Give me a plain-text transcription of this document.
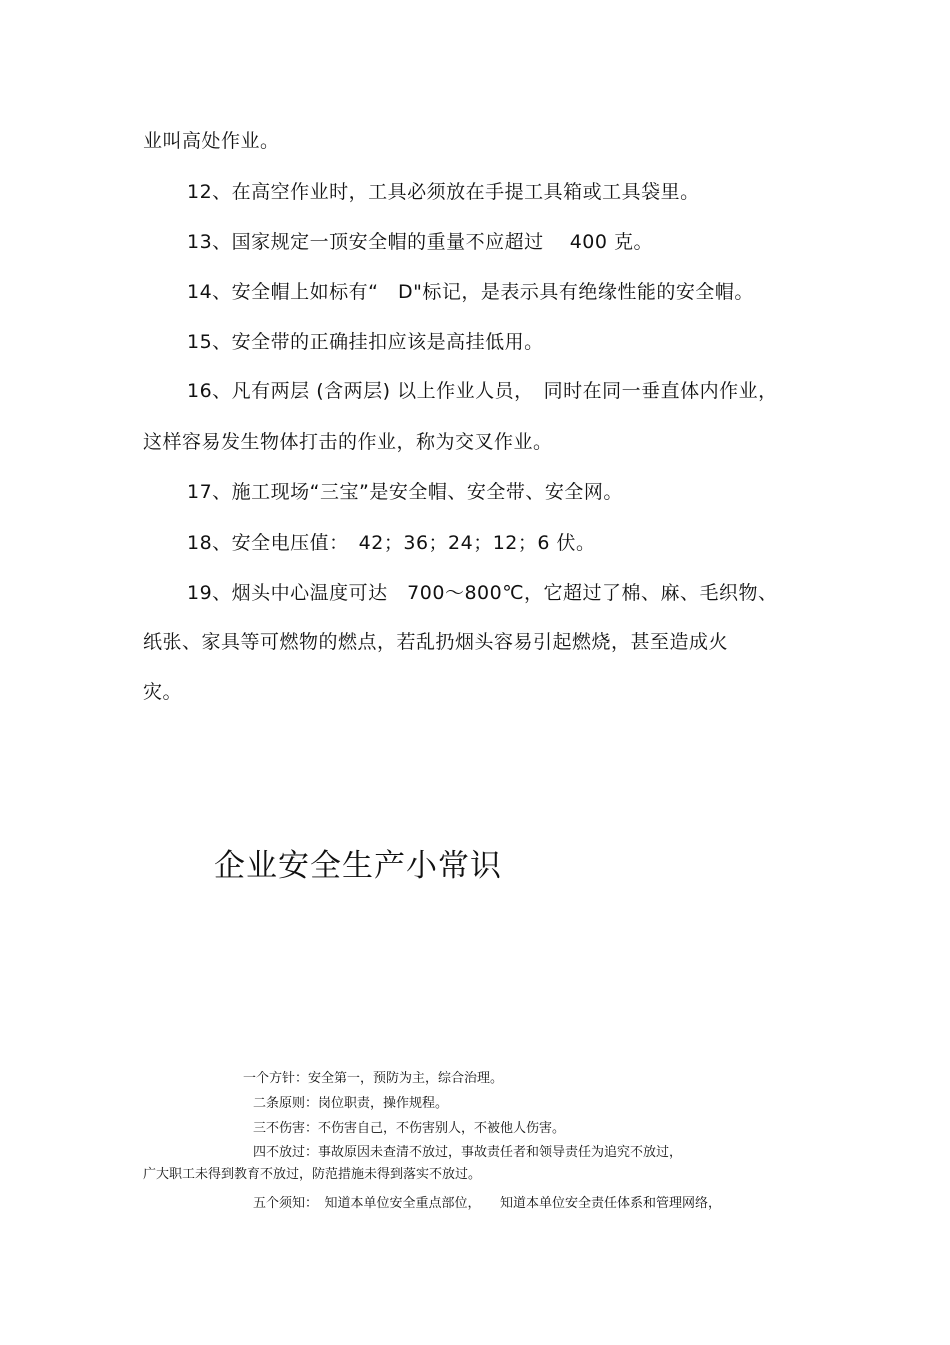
业叫高处作业。
12、在高空作业时，工具必须放在手提工具箱或工具袋里。
13、国家规定一顶安全帽的重量不应超过　 400 克。
14、安全帽上如标有“　D"标记，是表示具有绝缘性能的安全帽。
15、安全带的正确挂扣应该是高挂低用。
16、凡有两层 (含两层) 以上作业人员，　同时在同一垂直体内作业，
这样容易发生物体打击的作业，称为交叉作业。
17、施工现场“三宝”是安全帽、安全带、安全网。
18、安全电压值：　42；36；24；12；6 伏。
19、烟头中心温度可达　700～800℃，它超过了棉、麻、毛织物、
纸张、家具等可燃物的燃点，若乱扔烟头容易引起燃烧，甚至造成火
灾。
企业安全生产小常识
一个方针：安全第一，预防为主，综合治理。
二条原则：岗位职责，操作规程。
三不伤害：不伤害自己，不伤害别人，不被他人伤害。
四不放过：事故原因未查清不放过，事故责任者和领导责任为追究不放过，
广大职工未得到教育不放过，防范措施未得到落实不放过。
五个须知：　知道本单位安全重点部位，　　知道本单位安全责任体系和管理网络，
